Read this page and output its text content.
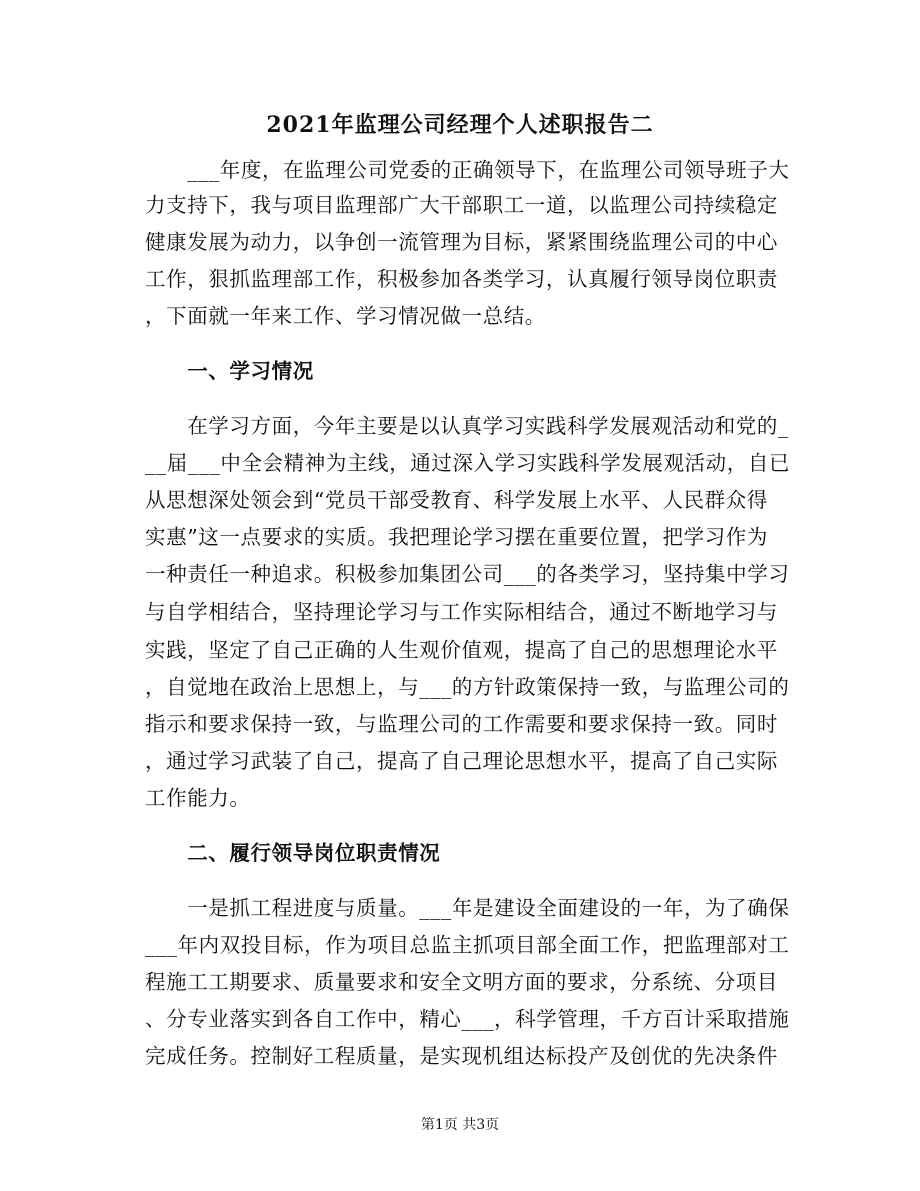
2021年监理公司经理个人述职报告二
　　___年度，在监理公司党委的正确领导下，在监理公司领导班子大
力支持下，我与项目监理部广大干部职工一道，以监理公司持续稳定
健康发展为动力，以争创一流管理为目标，紧紧围绕监理公司的中心
工作，狠抓监理部工作，积极参加各类学习，认真履行领导岗位职责
，下面就一年来工作、学习情况做一总结。
　　一、学习情况
　　在学习方面，今年主要是以认真学习实践科学发展观活动和党的_
__届___中全会精神为主线，通过深入学习实践科学发展观活动，自已
从思想深处领会到“党员干部受教育、科学发展上水平、人民群众得
实惠”这一点要求的实质。我把理论学习摆在重要位置，把学习作为
一种责任一种追求。积极参加集团公司___的各类学习，坚持集中学习
与自学相结合，坚持理论学习与工作实际相结合，通过不断地学习与
实践，坚定了自己正确的人生观价值观，提高了自己的思想理论水平
，自觉地在政治上思想上，与___的方针政策保持一致，与监理公司的
指示和要求保持一致，与监理公司的工作需要和要求保持一致。同时
，通过学习武装了自己，提高了自己理论思想水平，提高了自己实际
工作能力。
　　二、履行领导岗位职责情况
　　一是抓工程进度与质量。___年是建设全面建设的一年，为了确保
___年内双投目标，作为项目总监主抓项目部全面工作，把监理部对工
程施工工期要求、质量要求和安全文明方面的要求，分系统、分项目
、分专业落实到各自工作中，精心___，科学管理，千方百计采取措施
完成任务。控制好工程质量，是实现机组达标投产及创优的先决条件
第1页 共3页
